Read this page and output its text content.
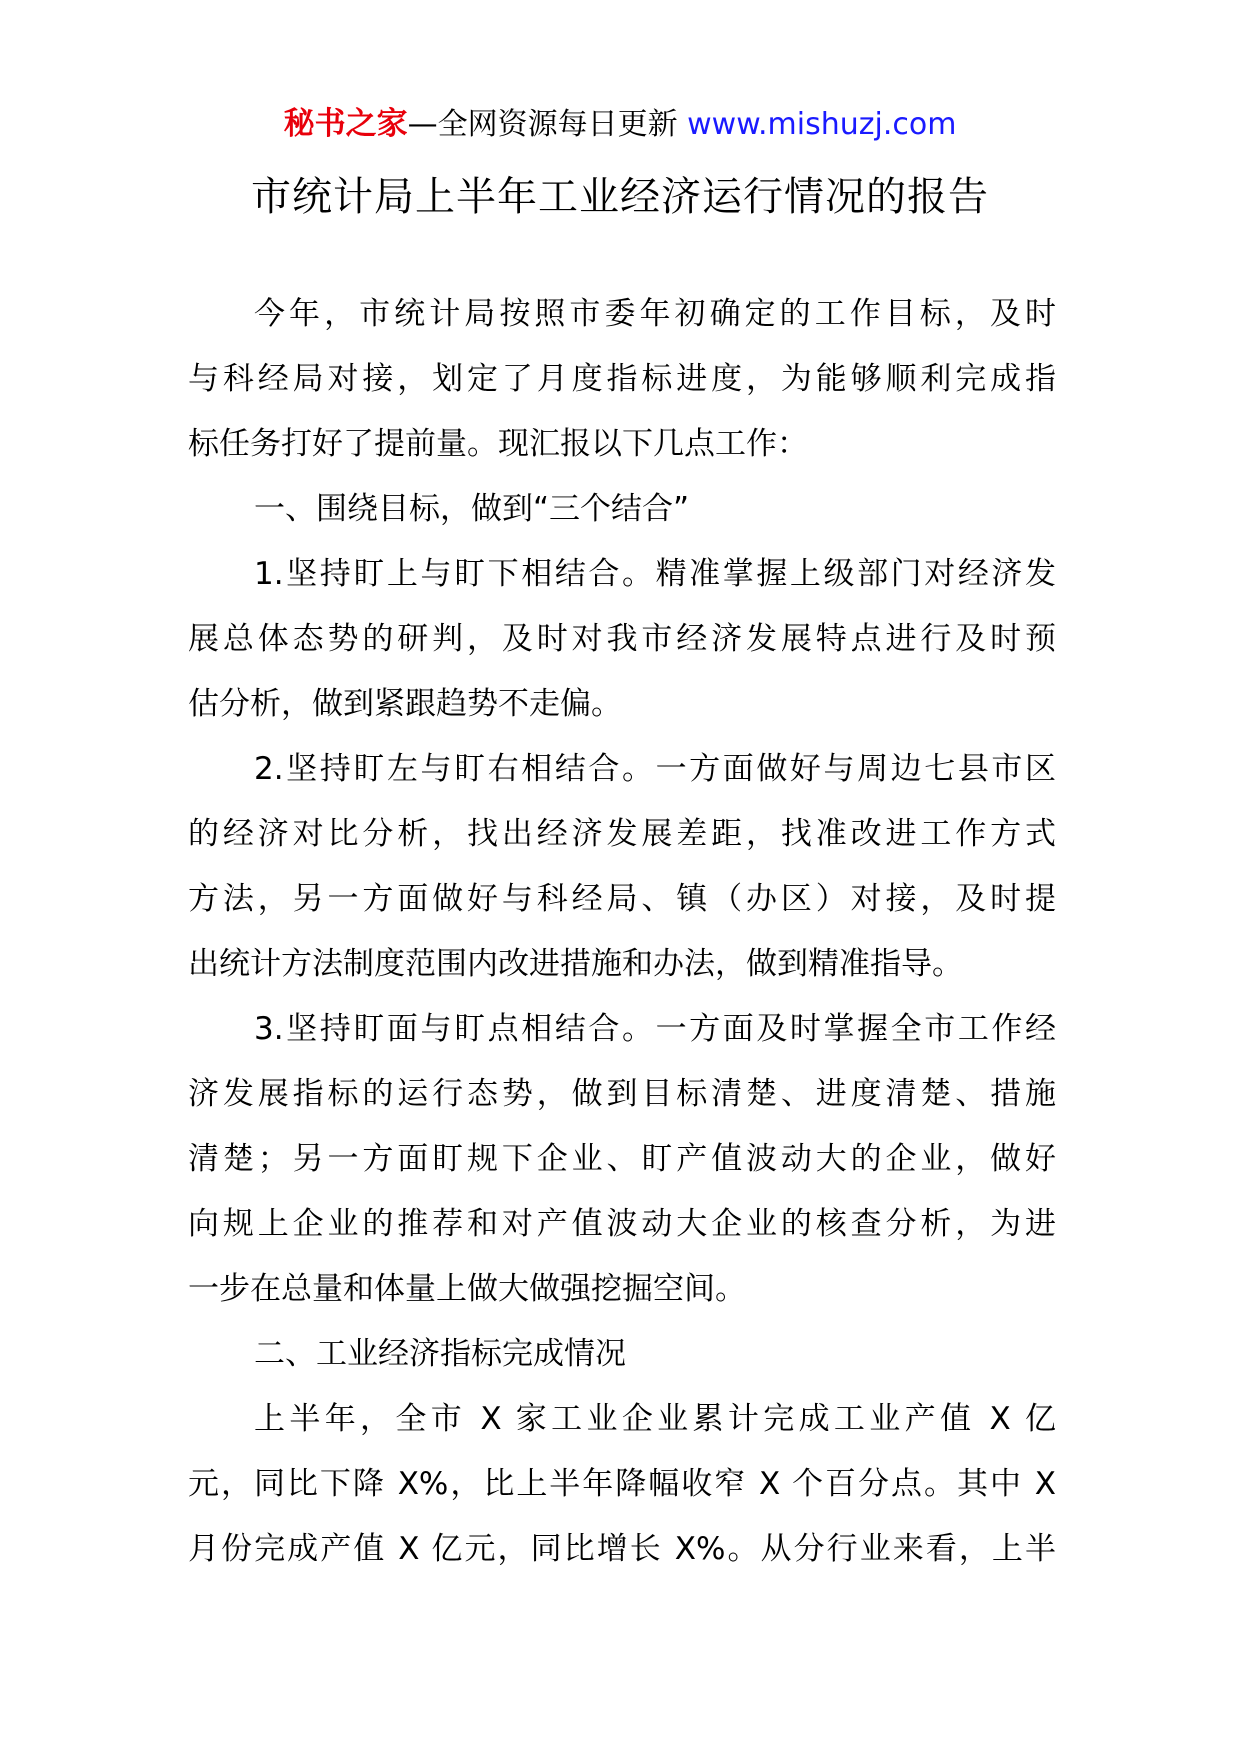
秘书之家—全网资源每日更新 www.mishuzj.com
市统计局上半年工业经济运行情况的报告
今年，市统计局按照市委年初确定的工作目标，及时
与科经局对接，划定了月度指标进度，为能够顺利完成指
标任务打好了提前量。现汇报以下几点工作：
一、围绕目标，做到“三个结合”
1.坚持盯上与盯下相结合。精准掌握上级部门对经济发
展总体态势的研判，及时对我市经济发展特点进行及时预
估分析，做到紧跟趋势不走偏。
2.坚持盯左与盯右相结合。一方面做好与周边七县市区
的经济对比分析，找出经济发展差距，找准改进工作方式
方法，另一方面做好与科经局、镇（办区）对接，及时提
出统计方法制度范围内改进措施和办法，做到精准指导。
3.坚持盯面与盯点相结合。一方面及时掌握全市工作经
济发展指标的运行态势，做到目标清楚、进度清楚、措施
清楚；另一方面盯规下企业、盯产值波动大的企业，做好
向规上企业的推荐和对产值波动大企业的核查分析，为进
一步在总量和体量上做大做强挖掘空间。
二、工业经济指标完成情况
上半年，全市 X 家工业企业累计完成工业产值 X 亿
元，同比下降 X%，比上半年降幅收窄 X 个百分点。其中 X
月份完成产值 X 亿元，同比增长 X%。从分行业来看，上半
